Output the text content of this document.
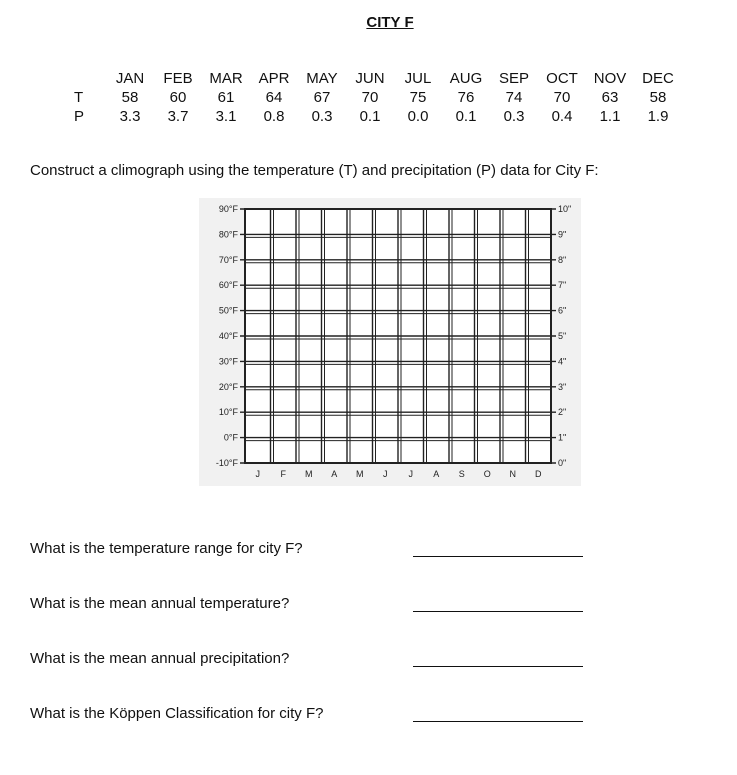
CITY F
JAN	FEB	MAR	APR	MAY	JUN	JUL	AUG	SEP	OCT	NOV	DEC
T	58	60	61	64	67	70	75	76	74	70	63	58
P	3.3	3.7	3.1	0.8	0.3	0.1	0.0	0.1	0.3	0.4	1.1	1.9
Construct a climograph using the temperature (T) and precipitation (P) data for City F:
90°F
80°F
70°F
60°F
50°F
40°F
30°F
20°F
10°F
0°F
-10°F
10"
9"
8"
7"
6"
5"
4"
3"
2"
1"
0"
J F M A M J J A S O N D
What is the temperature range for city F?
What is the mean annual temperature?
What is the mean annual precipitation?
What is the Köppen Classification for city F?
